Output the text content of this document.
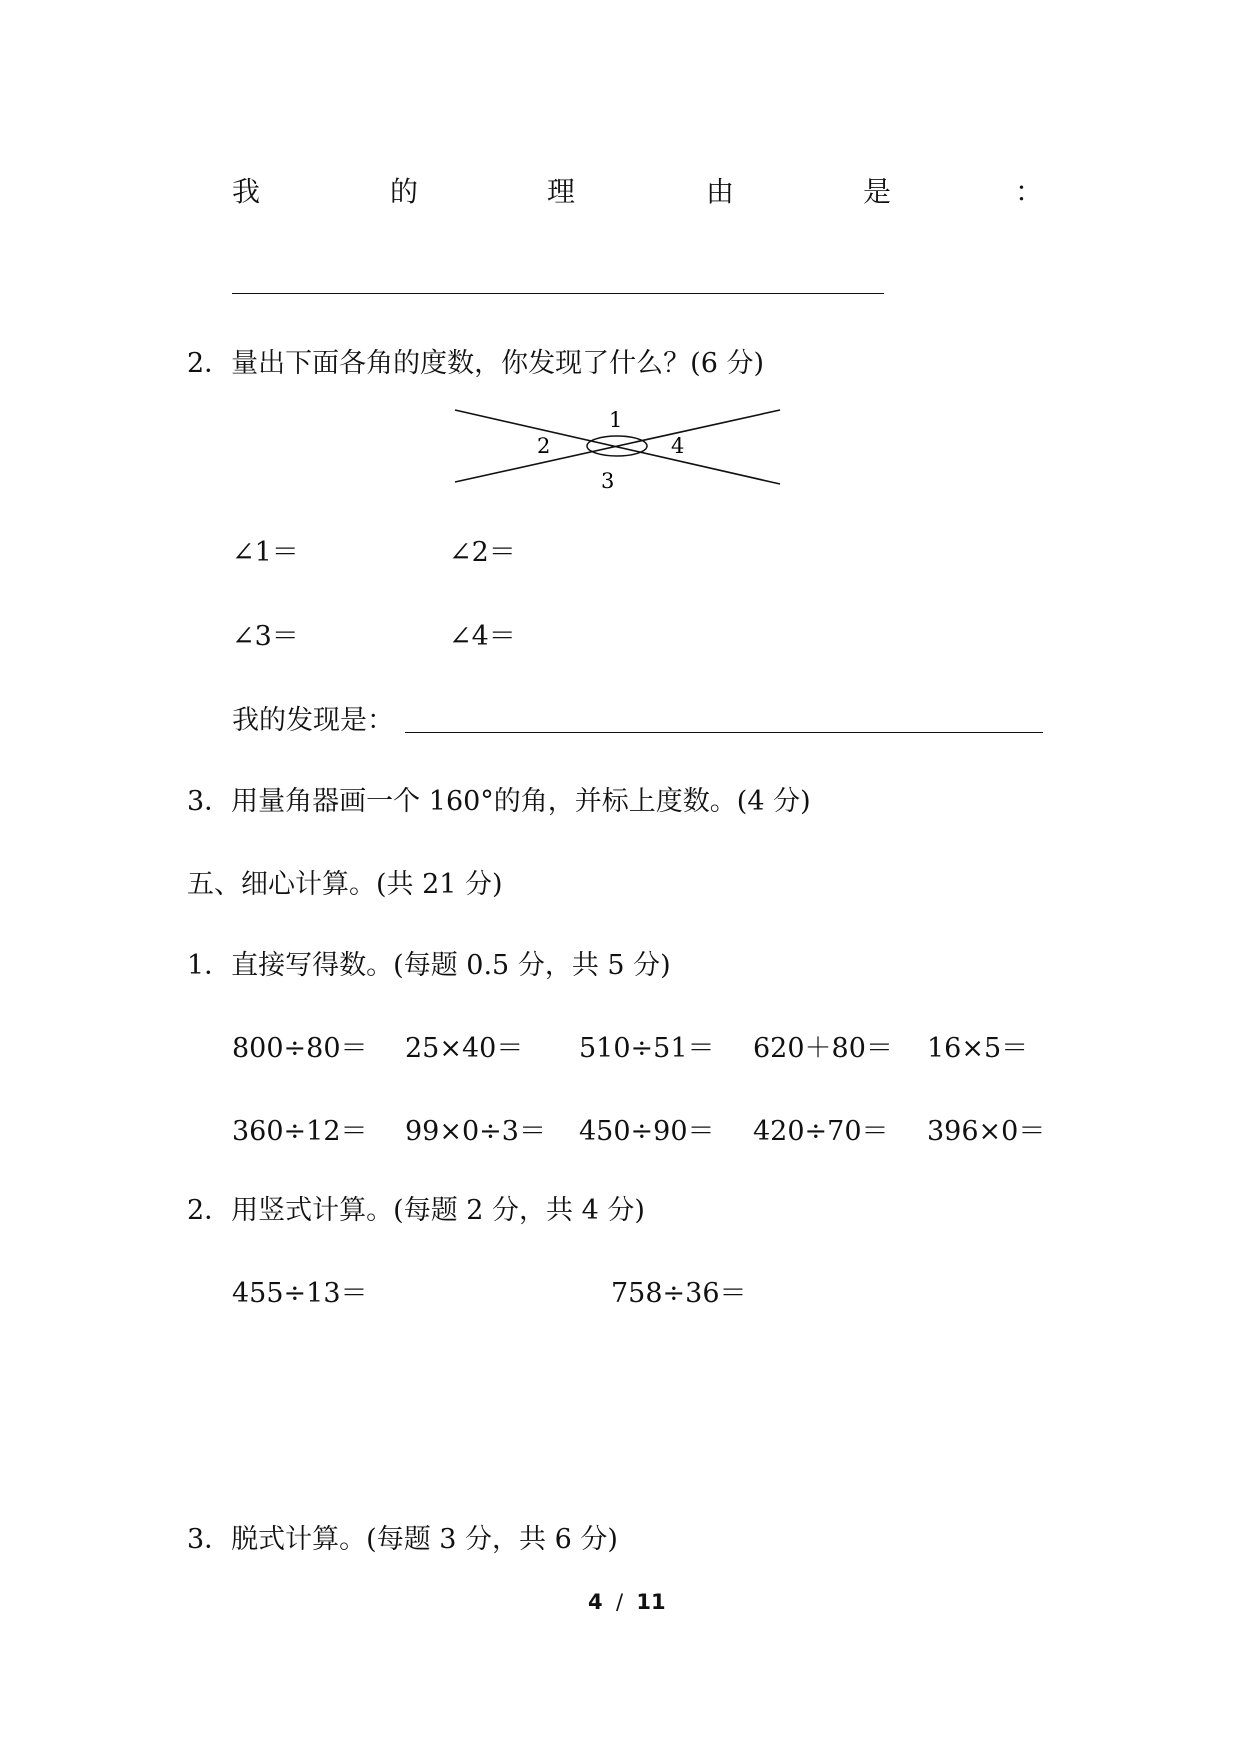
我	的	理	由	是	：
2．量出下面各角的度数，你发现了什么？(6 分)
1
2
3
4
∠1＝	∠2＝
∠3＝	∠4＝
我的发现是：
3．用量角器画一个 160°的角，并标上度数。(4 分)
五、细心计算。(共 21 分)
1．直接写得数。(每题 0.5 分，共 5 分)
800÷80＝ 25×40＝ 510÷51＝ 620＋80＝ 16×5＝
360÷12＝ 99×0÷3＝ 450÷90＝ 420÷70＝ 396×0＝
2．用竖式计算。(每题 2 分，共 4 分)
455÷13＝	758÷36＝
3．脱式计算。(每题 3 分，共 6 分)
4 / 11
